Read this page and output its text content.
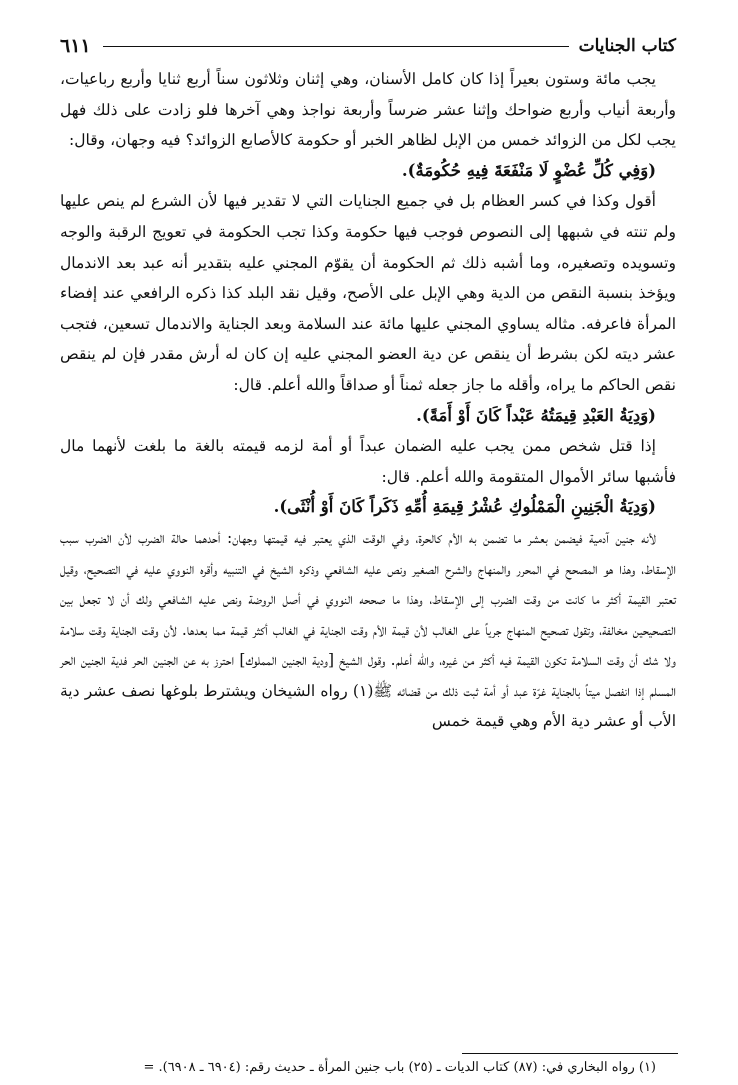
كتاب الجنايات
٦١١

يجب مائة وستون بعيراً إذا كان كامل الأسنان، وهي إثنان وثلاثون سناً أربع ثنايا وأربع رباعيات، وأربعة أنياب وأربع ضواحك وإثنا عشر ضرساً وأربعة نواجذ وهي آخرها فلو زادت على ذلك فهل يجب لكل من الزوائد خمس من الإبل لظاهر الخبر أو حكومة كالأصابع الزوائد؟ فيه وجهان، وقال:

(وَفِي كُلِّ عُضْوٍ لَا مَنْفَعَةَ فِيهِ حُكُومَةٌ).

أقول وكذا في كسر العظام بل في جميع الجنايات التي لا تقدير فيها لأن الشرع لم ينص عليها ولم تنته في شبهها إلى النصوص فوجب فيها حكومة وكذا تجب الحكومة في تعويج الرقبة والوجه وتسويده وتصغيره، وما أشبه ذلك ثم الحكومة أن يقوّم المجني عليه بتقدير أنه عبد بعد الاندمال ويؤخذ بنسبة النقص من الدية وهي الإبل على الأصح، وقيل نقد البلد كذا ذكره الرافعي عند إفضاء المرأة فاعرفه. مثاله يساوي المجني عليها مائة عند السلامة وبعد الجناية والاندمال تسعين، فتجب عشر ديته لكن بشرط أن ينقص عن دية العضو المجني عليه إن كان له أرش مقدر فإن لم ينقص نقص الحاكم ما يراه، وأقله ما جاز جعله ثمناً أو صداقاً والله أعلم. قال:

(وَدِيَةُ العَبْدِ قِيمَتُهُ عَبْداً كَانَ أَوْ أَمَةً).

إذا قتل شخص ممن يجب عليه الضمان عبداً أو أمة لزمه قيمته بالغة ما بلغت لأنهما مال فأشبها سائر الأموال المتقومة والله أعلم. قال:

(وَدِيَةُ الْجَنِينِ الْمَمْلُوكِ عُشْرُ قِيمَةِ أُمِّهِ ذَكَراً كَانَ أَوْ أُنْثَى).

لأنه جنين آدمية فيضمن بعشر ما تضمن به الأم كالحرة، وفي الوقت الذي يعتبر فيه قيمتها وجهان: أحدهما حالة الضرب لأن الضرب سبب الإسقاط، وهذا هو المصحح في المحرر والمنهاج والشرح الصغير ونص عليه الشافعي وذكره الشيخ في التنبيه وأقره النووي عليه في التصحيح، وقيل تعتبر القيمة أكثر ما كانت من وقت الضرب إلى الإسقاط، وهذا ما صححه النووي في أصل الروضة ونص عليه الشافعي ولك أن لا تجعل بين التصحيحين مخالفة، وتقول تصحيح المنهاج جرياً على الغالب لأن قيمة الأم وقت الجناية في الغالب أكثر قيمة مما بعدها. لأن وقت الجناية وقت سلامة ولا شك أن وقت السلامة تكون القيمة فيه أكثر من غيره، والله أعلم. وقول الشيخ [ودية الجنين المملوك] احترز به عن الجنين الحر فدية الجنين الحر المسلم إذا انفصل ميتاً بالجناية غرّة عبد أو أمة ثبت ذلك من قضائه ﷺ(١) رواه الشيخان ويشترط بلوغها نصف عشر دية الأب أو عشر دية الأم وهي قيمة خمس

(١) رواه البخاري في: (٨٧) كتاب الديات ـ (٢٥) باب جنين المرأة ـ حديث رقم: (٦٩٠٤ ـ ٦٩٠٨). =
